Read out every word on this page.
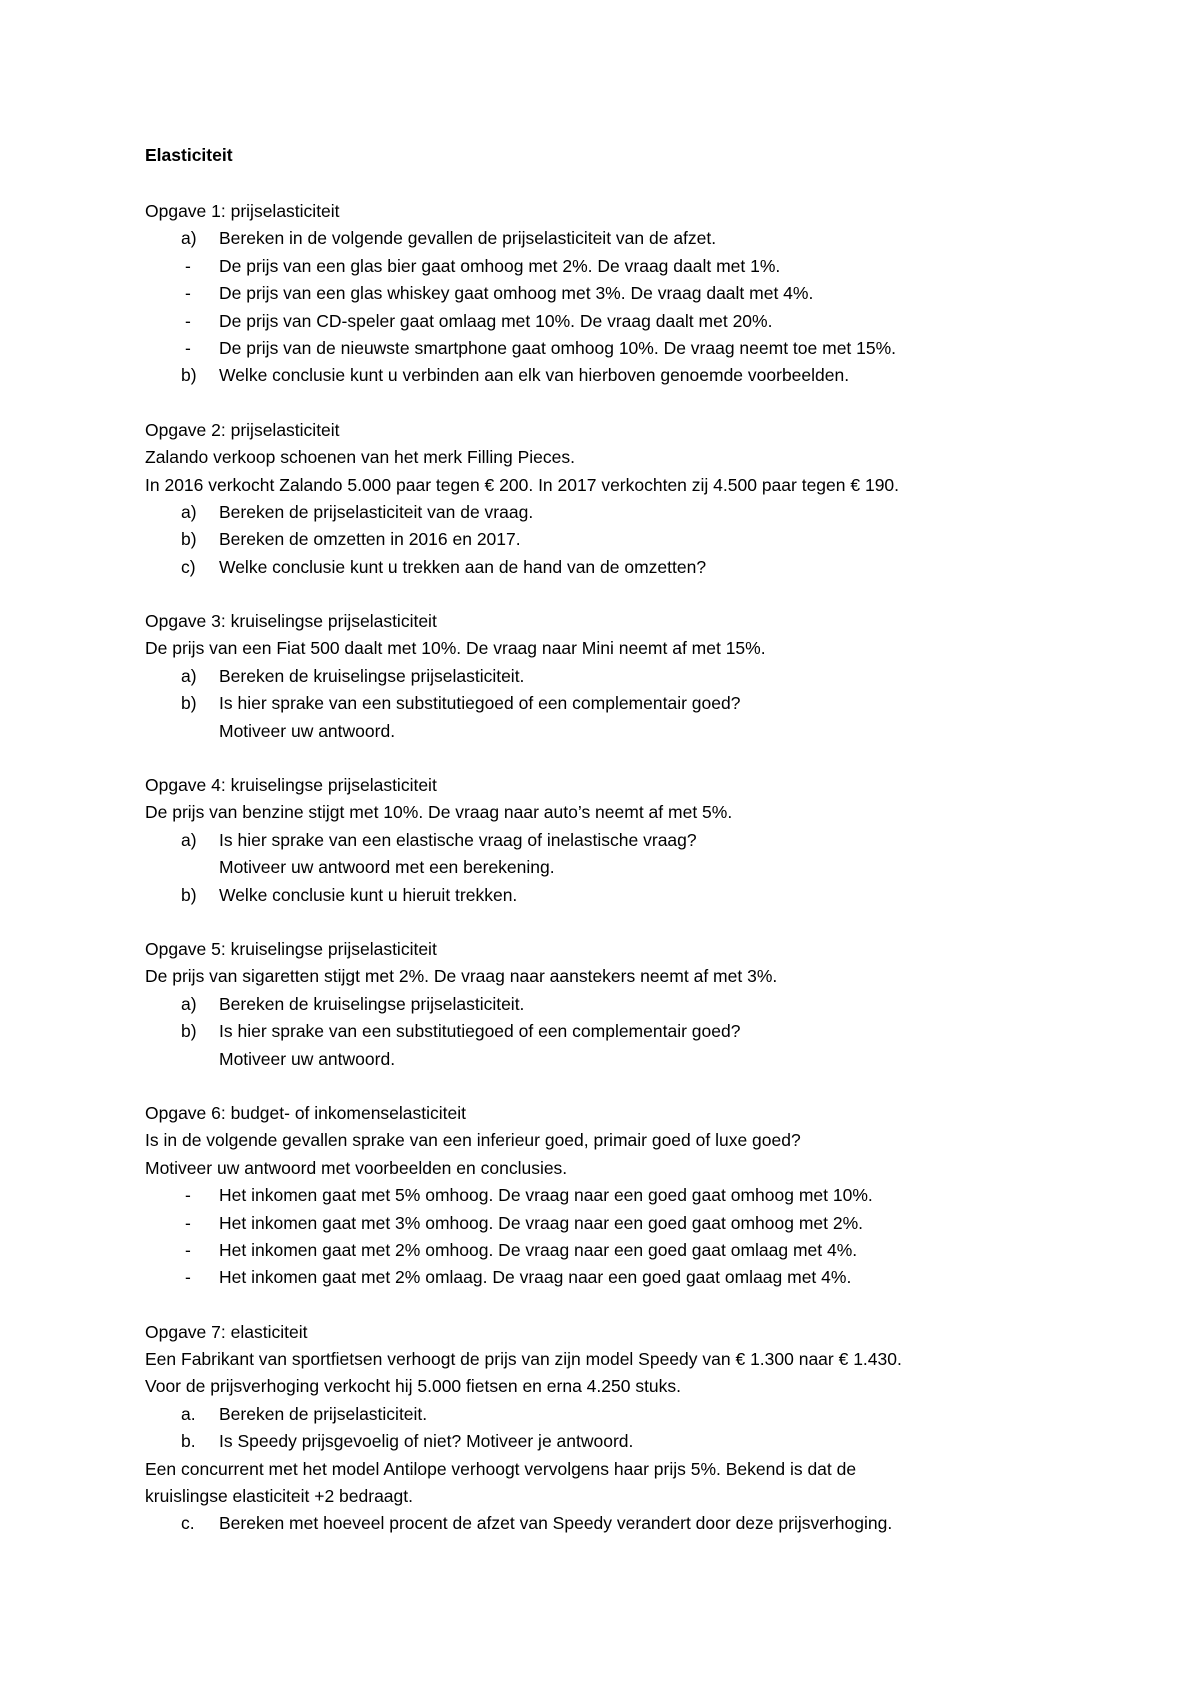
Elasticiteit
Opgave 1: prijselasticiteit
a) Bereken in de volgende gevallen de prijselasticiteit van de afzet.
- De prijs van een glas bier gaat omhoog met 2%. De vraag daalt met 1%.
- De prijs van een glas whiskey gaat omhoog met 3%. De vraag daalt met 4%.
- De prijs van CD-speler gaat omlaag met 10%. De vraag daalt met 20%.
- De prijs van de nieuwste smartphone gaat omhoog 10%. De vraag neemt toe met 15%.
b) Welke conclusie kunt u verbinden aan elk van hierboven genoemde voorbeelden.
Opgave 2: prijselasticiteit
Zalando verkoop schoenen van het merk Filling Pieces.
In 2016 verkocht Zalando 5.000 paar tegen € 200. In 2017 verkochten zij 4.500 paar tegen € 190.
a) Bereken de prijselasticiteit van de vraag.
b) Bereken de omzetten in 2016 en 2017.
c) Welke conclusie kunt u trekken aan de hand van de omzetten?
Opgave 3: kruiselingse prijselasticiteit
De prijs van een Fiat 500 daalt met 10%. De vraag naar Mini neemt af met 15%.
a) Bereken de kruiselingse prijselasticiteit.
b) Is hier sprake van een substitutiegoed of een complementair goed?
Motiveer uw antwoord.
Opgave 4: kruiselingse prijselasticiteit
De prijs van benzine stijgt met 10%. De vraag naar auto’s neemt af met 5%.
a) Is hier sprake van een elastische vraag of inelastische vraag?
Motiveer uw antwoord met een berekening.
b) Welke conclusie kunt u hieruit trekken.
Opgave 5: kruiselingse prijselasticiteit
De prijs van sigaretten stijgt met 2%. De vraag naar aanstekers neemt af met 3%.
a) Bereken de kruiselingse prijselasticiteit.
b) Is hier sprake van een substitutiegoed of een complementair goed?
Motiveer uw antwoord.
Opgave 6: budget- of inkomenselasticiteit
Is in de volgende gevallen sprake van een inferieur goed, primair goed of luxe goed?
Motiveer uw antwoord met voorbeelden en conclusies.
- Het inkomen gaat met 5% omhoog. De vraag naar een goed gaat omhoog met 10%.
- Het inkomen gaat met 3% omhoog. De vraag naar een goed gaat omhoog met 2%.
- Het inkomen gaat met 2% omhoog. De vraag naar een goed gaat omlaag met 4%.
- Het inkomen gaat met 2% omlaag. De vraag naar een goed gaat omlaag met 4%.
Opgave 7: elasticiteit
Een Fabrikant van sportfietsen verhoogt de prijs van zijn model Speedy van € 1.300 naar € 1.430.
Voor de prijsverhoging verkocht hij 5.000 fietsen en erna 4.250 stuks.
a. Bereken de prijselasticiteit.
b. Is Speedy prijsgevoelig of niet? Motiveer je antwoord.
Een concurrent met het model Antilope verhoogt vervolgens haar prijs 5%. Bekend is dat de
kruislingse elasticiteit +2 bedraagt.
c. Bereken met hoeveel procent de afzet van Speedy verandert door deze prijsverhoging.
